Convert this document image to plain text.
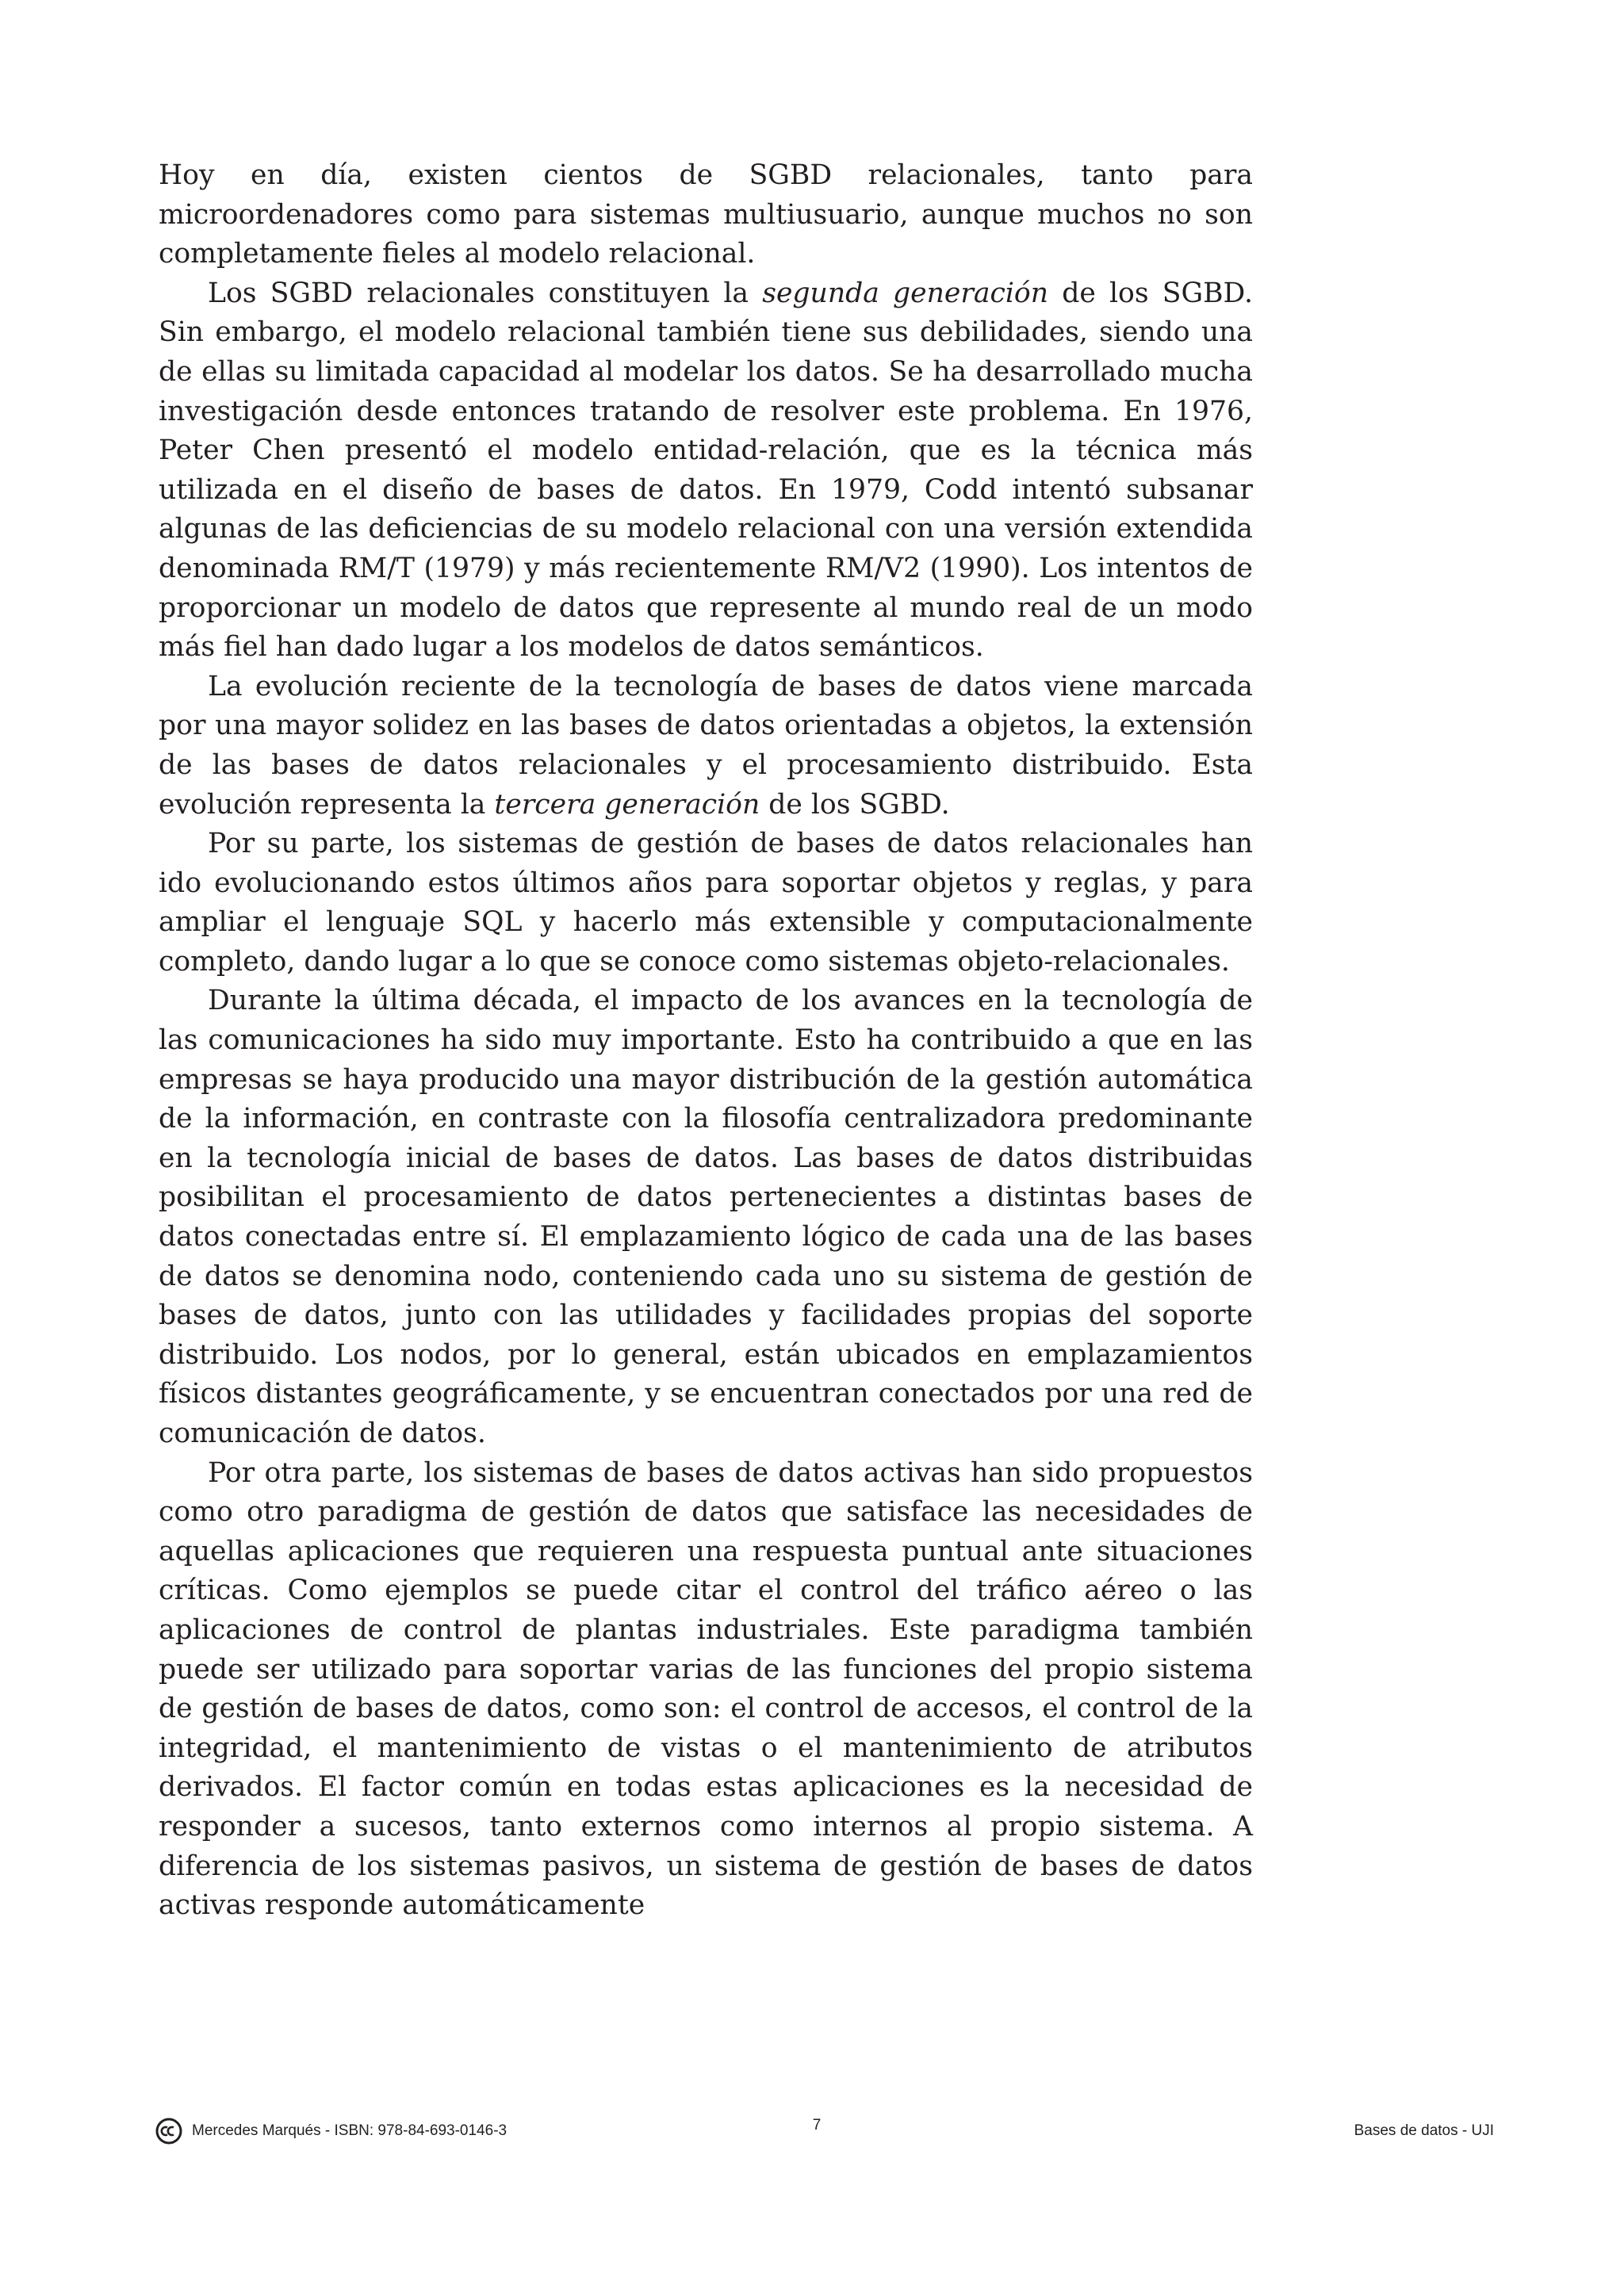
Hoy en día, existen cientos de SGBD relacionales, tanto para microordenadores como para sistemas multiusuario, aunque muchos no son completamente fieles al modelo relacional.

Los SGBD relacionales constituyen la segunda generación de los SGBD. Sin embargo, el modelo relacional también tiene sus debilidades, siendo una de ellas su limitada capacidad al modelar los datos. Se ha desarrollado mucha investigación desde entonces tratando de resolver este problema. En 1976, Peter Chen presentó el modelo entidad-relación, que es la técnica más utilizada en el diseño de bases de datos. En 1979, Codd intentó subsanar algunas de las deficiencias de su modelo relacional con una versión extendida denominada RM/T (1979) y más recientemente RM/V2 (1990). Los intentos de proporcionar un modelo de datos que represente al mundo real de un modo más fiel han dado lugar a los modelos de datos semánticos.

La evolución reciente de la tecnología de bases de datos viene marcada por una mayor solidez en las bases de datos orientadas a objetos, la extensión de las bases de datos relacionales y el procesamiento distribuido. Esta evolución representa la tercera generación de los SGBD.

Por su parte, los sistemas de gestión de bases de datos relacionales han ido evolucionando estos últimos años para soportar objetos y reglas, y para ampliar el lenguaje SQL y hacerlo más extensible y computacionalmente completo, dando lugar a lo que se conoce como sistemas objeto-relacionales.

Durante la última década, el impacto de los avances en la tecnología de las comunicaciones ha sido muy importante. Esto ha contribuido a que en las empresas se haya producido una mayor distribución de la gestión automática de la información, en contraste con la filosofía centralizadora predominante en la tecnología inicial de bases de datos. Las bases de datos distribuidas posibilitan el procesamiento de datos pertenecientes a distintas bases de datos conectadas entre sí. El emplazamiento lógico de cada una de las bases de datos se denomina nodo, conteniendo cada uno su sistema de gestión de bases de datos, junto con las utilidades y facilidades propias del soporte distribuido. Los nodos, por lo general, están ubicados en emplazamientos físicos distantes geográficamente, y se encuentran conectados por una red de comunicación de datos.

Por otra parte, los sistemas de bases de datos activas han sido propuestos como otro paradigma de gestión de datos que satisface las necesidades de aquellas aplicaciones que requieren una respuesta puntual ante situaciones críticas. Como ejemplos se puede citar el control del tráfico aéreo o las aplicaciones de control de plantas industriales. Este paradigma también puede ser utilizado para soportar varias de las funciones del propio sistema de gestión de bases de datos, como son: el control de accesos, el control de la integridad, el mantenimiento de vistas o el mantenimiento de atributos derivados. El factor común en todas estas aplicaciones es la necesidad de responder a sucesos, tanto externos como internos al propio sistema. A diferencia de los sistemas pasivos, un sistema de gestión de bases de datos activas responde automáticamente

Mercedes Marqués - ISBN: 978-84-693-0146-3	7	Bases de datos - UJI
